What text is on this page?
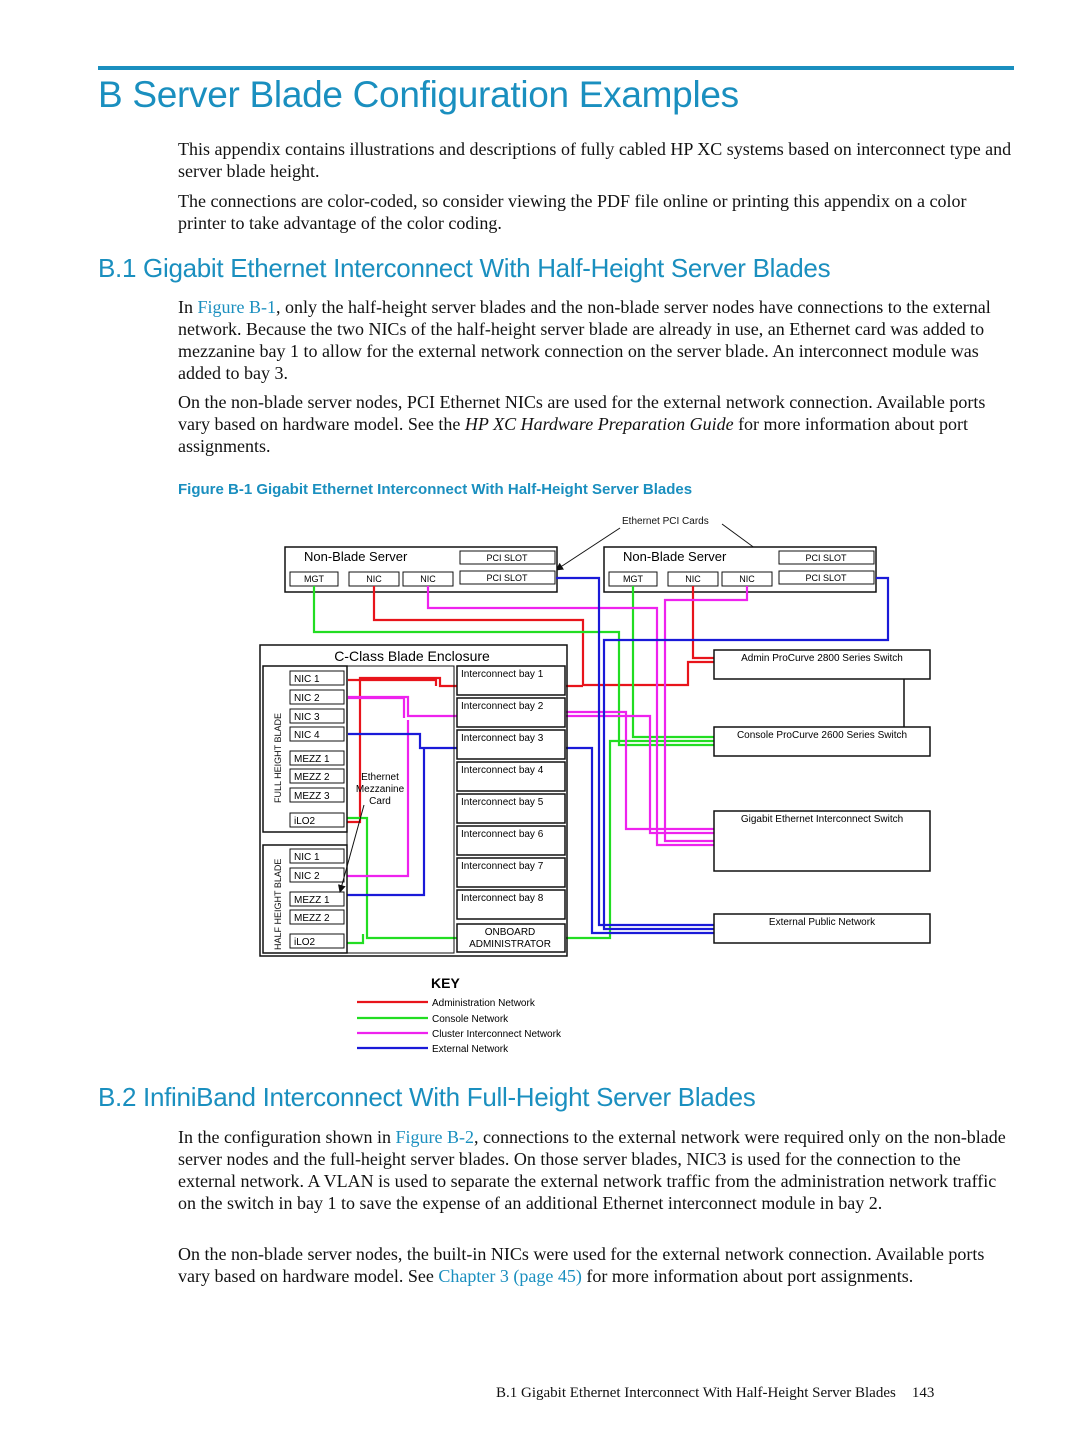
B Server Blade Configuration Examples

This appendix contains illustrations and descriptions of fully cabled HP XC systems based on interconnect type and server blade height.

The connections are color-coded, so consider viewing the PDF file online or printing this appendix on a color printer to take advantage of the color coding.

B.1 Gigabit Ethernet Interconnect With Half-Height Server Blades

In Figure B-1, only the half-height server blades and the non-blade server nodes have connections to the external network. Because the two NICs of the half-height server blade are already in use, an Ethernet card was added to mezzanine bay 1 to allow for the external network connection on the server blade. An interconnect module was added to bay 3.

On the non-blade server nodes, PCI Ethernet NICs are used for the external network connection. Available ports vary based on hardware model. See the HP XC Hardware Preparation Guide for more information about port assignments.

Figure B-1 Gigabit Ethernet Interconnect With Half-Height Server Blades

Ethernet PCI Cards
Non-Blade Server	PCI SLOT
MGT	NIC	NIC	PCI SLOT
Non-Blade Server	PCI SLOT
MGT	NIC	NIC	PCI SLOT
C-Class Blade Enclosure
FULL HEIGHT BLADE
HALF HEIGHT BLADE
NIC 1
NIC 2
NIC 3
NIC 4
MEZZ 1
MEZZ 2
MEZZ 3
iLO2
NIC 1
NIC 2
MEZZ 1
MEZZ 2
iLO2
Ethernet
Mezzanine
Card
Interconnect bay 1
Interconnect bay 2
Interconnect bay 3
Interconnect bay 4
Interconnect bay 5
Interconnect bay 6
Interconnect bay 7
Interconnect bay 8
ONBOARD
ADMINISTRATOR
Admin ProCurve 2800 Series Switch
Console ProCurve 2600 Series Switch
Gigabit Ethernet Interconnect Switch
External Public Network
KEY
Administration Network
Console Network
Cluster Interconnect Network
External Network
B.2 InfiniBand Interconnect With Full-Height Server Blades

In the configuration shown in Figure B-2, connections to the external network were required only on the non-blade server nodes and the full-height server blades. On those server blades, NIC3 is used for the connection to the external network. A VLAN is used to separate the external network traffic from the administration network traffic on the switch in bay 1 to save the expense of an additional Ethernet interconnect module in bay 2.

On the non-blade server nodes, the built-in NICs were used for the external network connection. Available ports vary based on hardware model. See Chapter 3 (page 45) for more information about port assignments.

B.1 Gigabit Ethernet Interconnect With Half-Height Server Blades 143
